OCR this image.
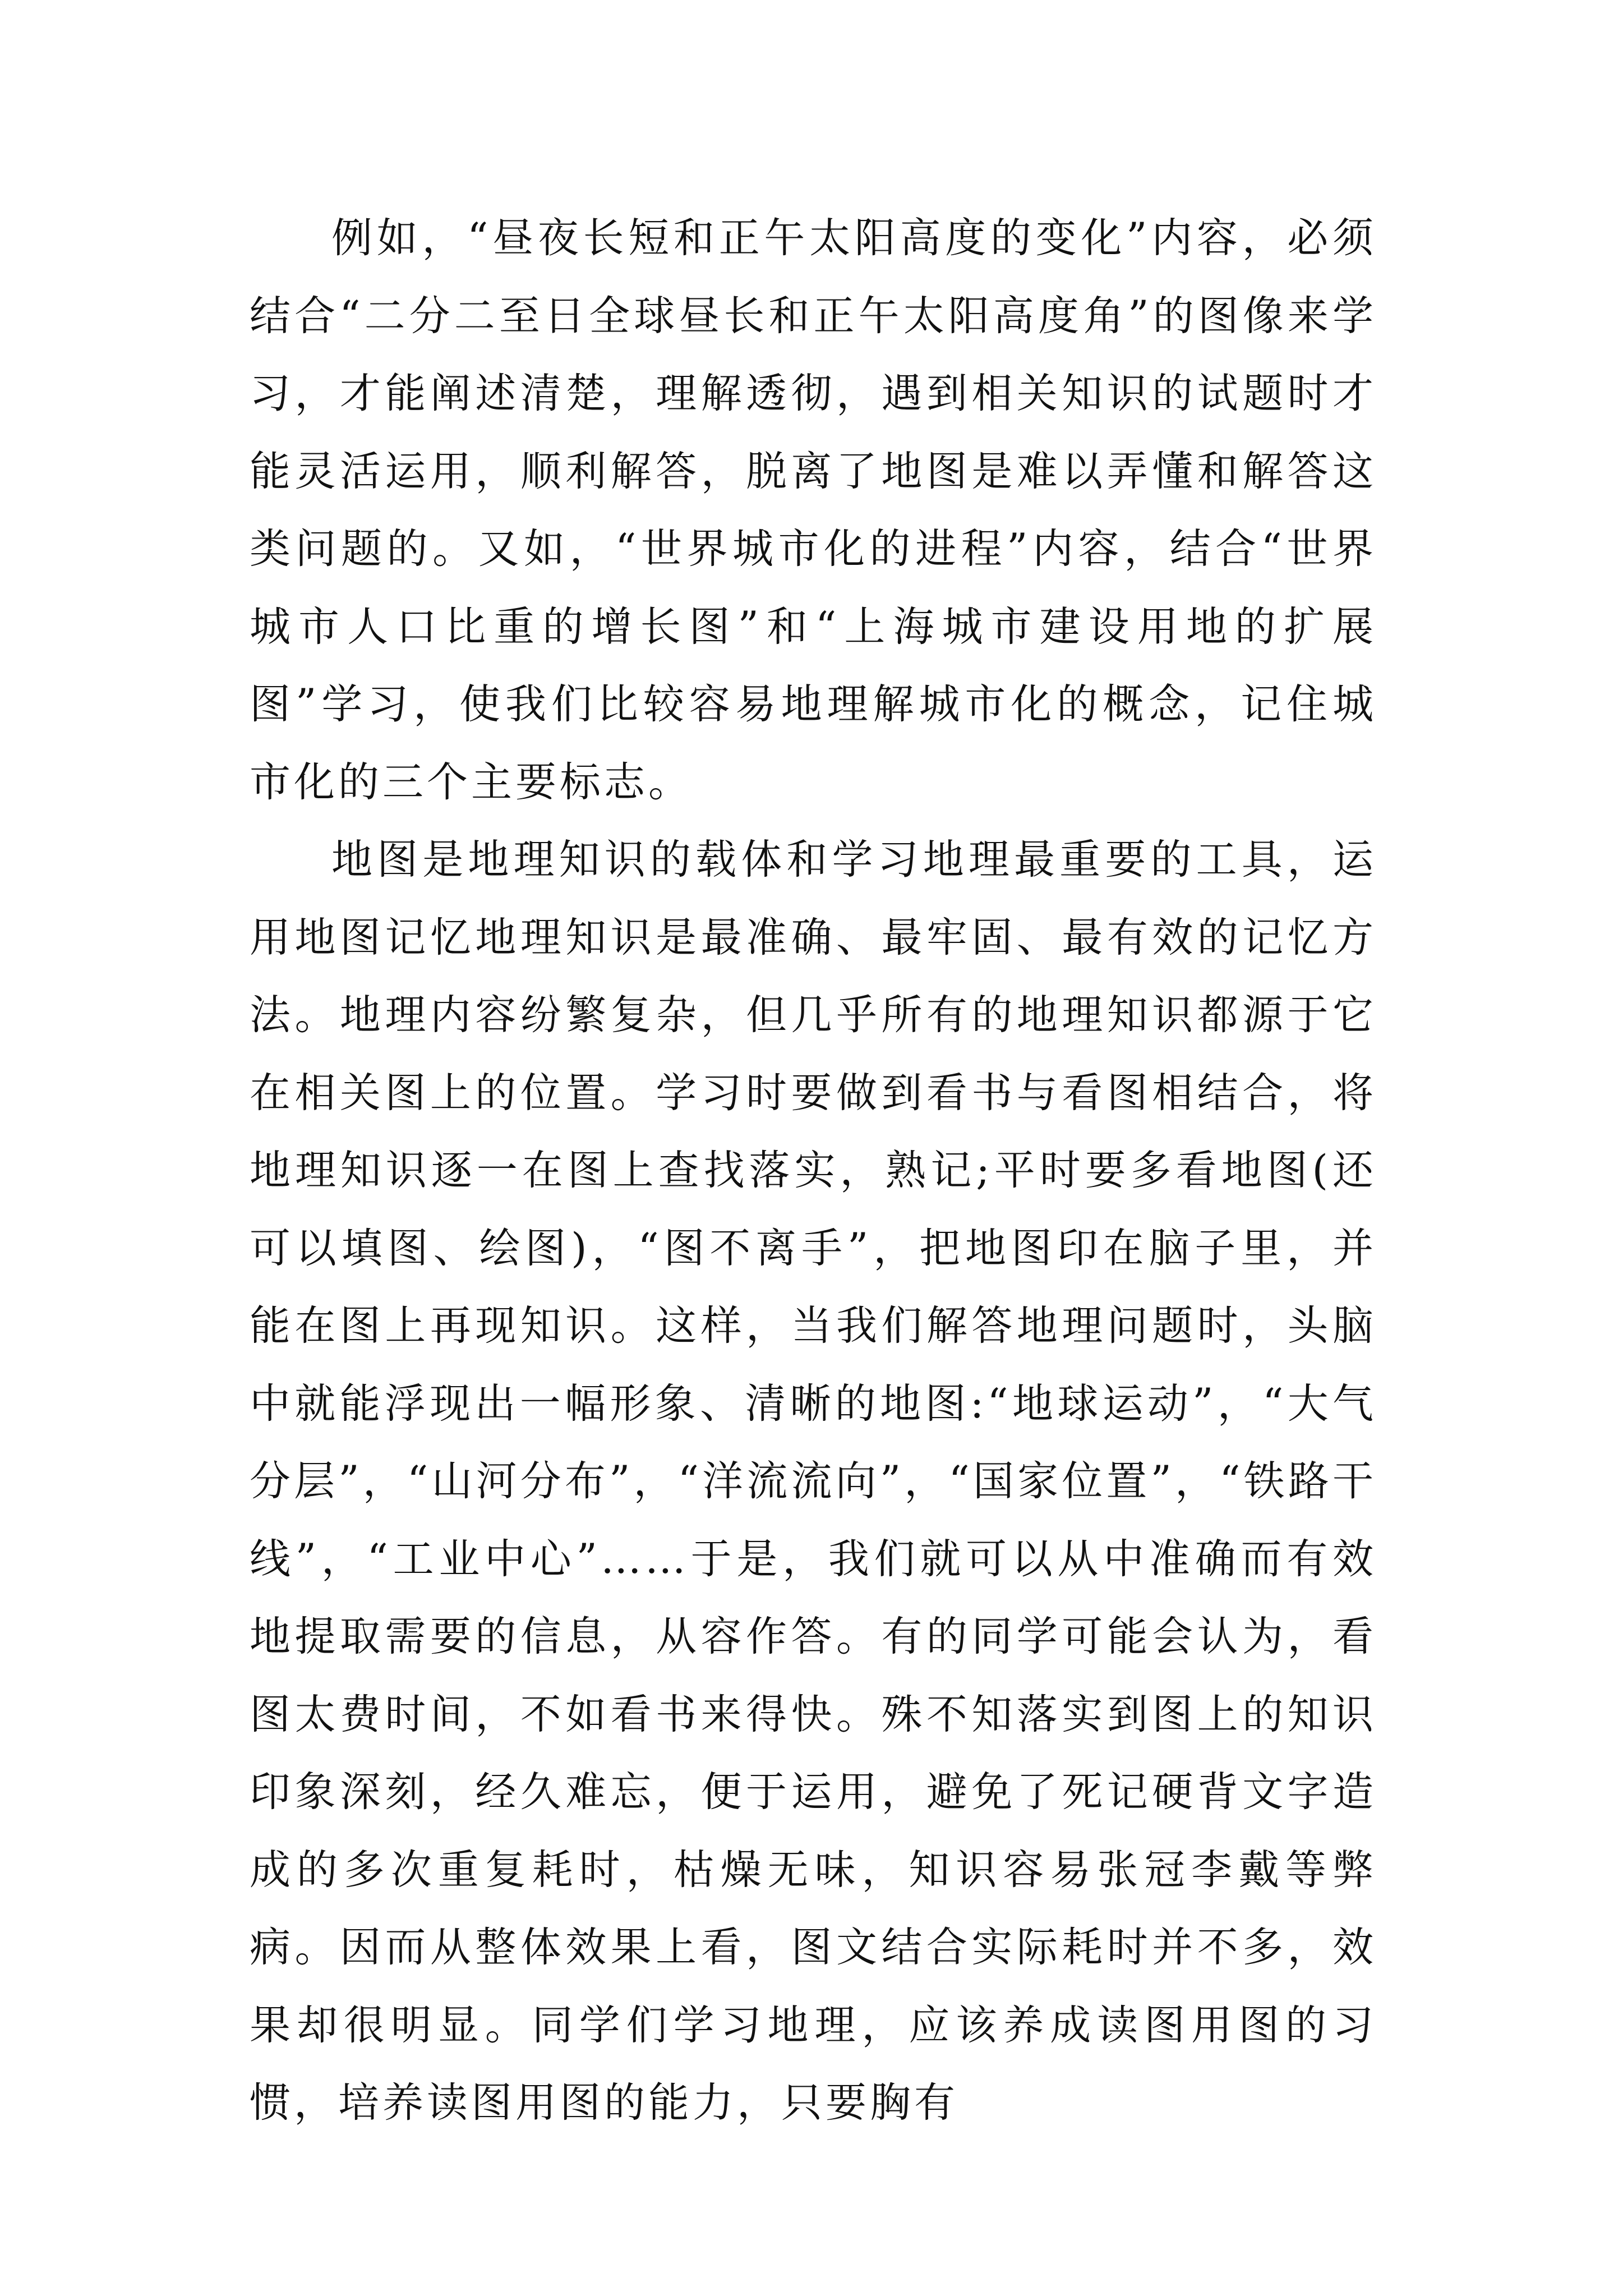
例如，“昼夜长短和正午太阳高度的变化”内容，必须结合“二分二至日全球昼长和正午太阳高度角”的图像来学习，才能阐述清楚，理解透彻，遇到相关知识的试题时才能灵活运用，顺利解答，脱离了地图是难以弄懂和解答这类问题的。又如，“世界城市化的进程”内容，结合“世界城市人口比重的增长图”和“上海城市建设用地的扩展图”学习，使我们比较容易地理解城市化的概念，记住城市化的三个主要标志。

地图是地理知识的载体和学习地理最重要的工具，运用地图记忆地理知识是最准确、最牢固、最有效的记忆方法。地理内容纷繁复杂，但几乎所有的地理知识都源于它在相关图上的位置。学习时要做到看书与看图相结合，将地理知识逐一在图上查找落实，熟记;平时要多看地图(还可以填图、绘图)，“图不离手”，把地图印在脑子里，并能在图上再现知识。这样，当我们解答地理问题时，头脑中就能浮现出一幅形象、清晰的地图:“地球运动”，“大气分层”，“山河分布”，“洋流流向”，“国家位置”，“铁路干线”，“工业中心”……于是，我们就可以从中准确而有效地提取需要的信息，从容作答。有的同学可能会认为，看图太费时间，不如看书来得快。殊不知落实到图上的知识印象深刻，经久难忘，便于运用，避免了死记硬背文字造成的多次重复耗时，枯燥无味，知识容易张冠李戴等弊病。因而从整体效果上看，图文结合实际耗时并不多，效果却很明显。同学们学习地理，应该养成读图用图的习惯，培养读图用图的能力，只要胸有
